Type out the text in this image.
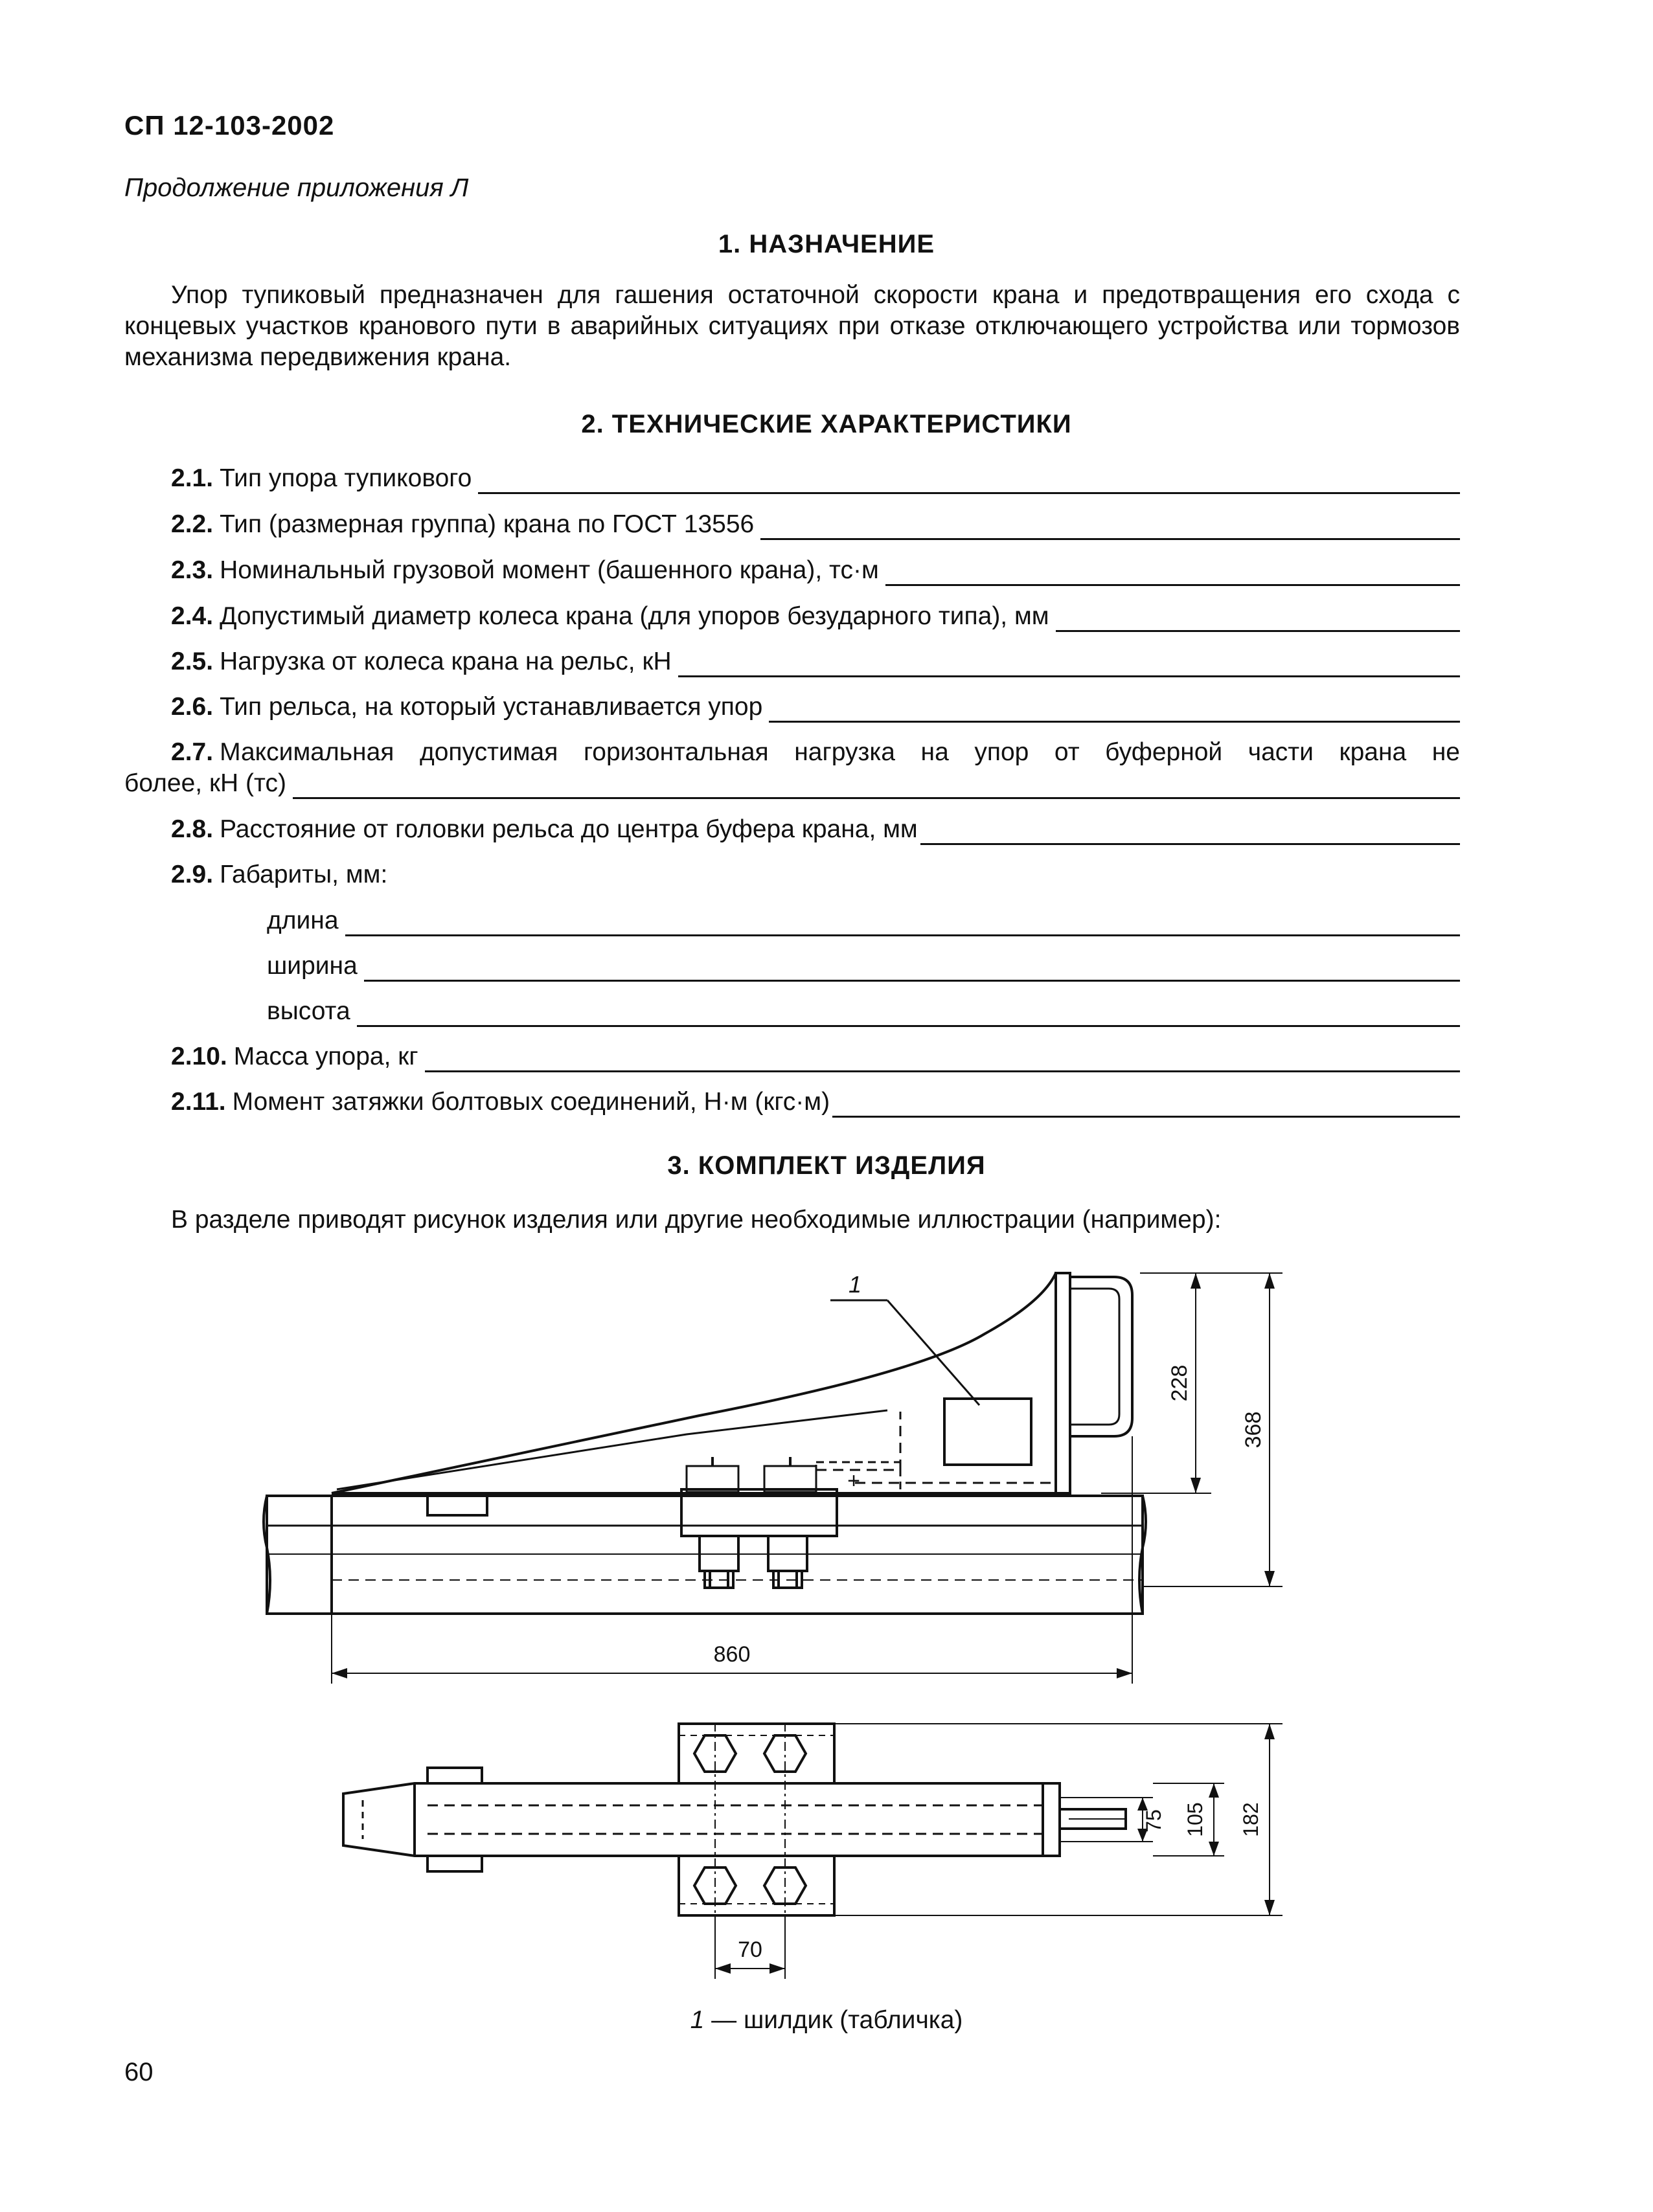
СП 12-103-2002
Продолжение приложения Л
1. НАЗНАЧЕНИЕ
Упор тупиковый предназначен для гашения остаточной скорости крана и предотвращения его схода с концевых участков кранового пути в аварийных ситуациях при отказе отключающего устройства или тормозов механизма передвижения крана.
2. ТЕХНИЧЕСКИЕ ХАРАКТЕРИСТИКИ
2.1. Тип упора тупикового
2.2. Тип (размерная группа) крана по ГОСТ 13556
2.3. Номинальный грузовой момент (башенного крана), тс·м
2.4. Допустимый диаметр колеса крана (для упоров безударного типа), мм
2.5. Нагрузка от колеса крана на рельс, кН
2.6. Тип рельса, на который устанавливается упор
2.7. Максимальная допустимая горизонтальная нагрузка на упор от буферной части крана не
более, кН (тс)
2.8. Расстояние от головки рельса до центра буфера крана, мм
2.9. Габариты, мм:
длина
ширина
высота
2.10. Масса упора, кг
2.11. Момент затяжки болтовых соединений, Н·м (кгс·м)
3. КОМПЛЕКТ ИЗДЕЛИЯ
В разделе приводят рисунок изделия или другие необходимые иллюстрации (например):
+
1
228
368
860
70
75 105 182
1 — шилдик (табличка)
60
